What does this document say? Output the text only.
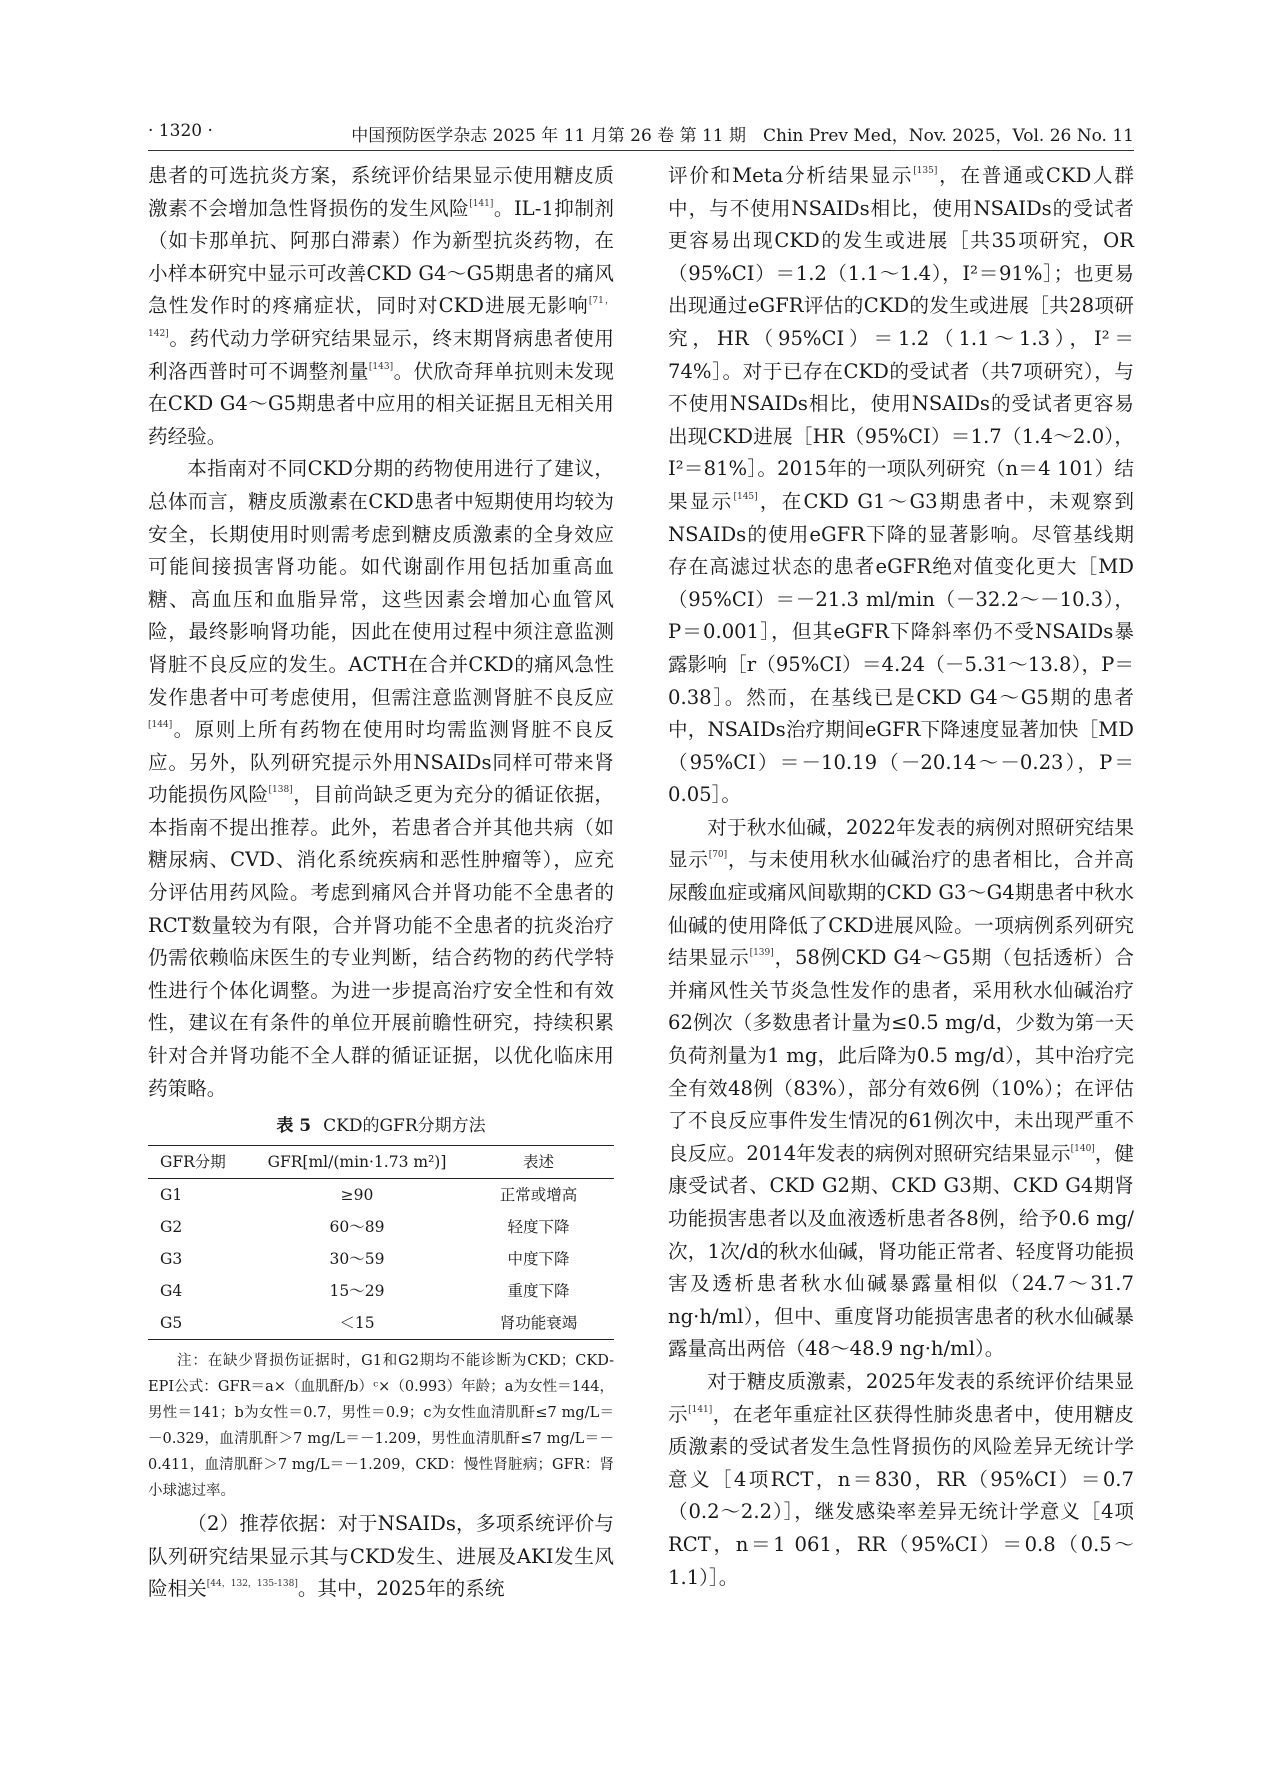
· 1320 ·	中国预防医学杂志 2025 年 11 月第 26 卷 第 11 期　Chin Prev Med，Nov. 2025，Vol. 26 No. 11

患者的可选抗炎方案，系统评价结果显示使用糖皮质激素不会增加急性肾损伤的发生风险[141]。IL-1抑制剂（如卡那单抗、阿那白滞素）作为新型抗炎药物，在小样本研究中显示可改善CKD G4～G5期患者的痛风急性发作时的疼痛症状，同时对CKD进展无影响[71，142]。药代动力学研究结果显示，终末期肾病患者使用利洛西普时可不调整剂量[143]。伏欣奇拜单抗则未发现在CKD G4～G5期患者中应用的相关证据且无相关用药经验。

本指南对不同CKD分期的药物使用进行了建议，总体而言，糖皮质激素在CKD患者中短期使用均较为安全，长期使用时则需考虑到糖皮质激素的全身效应可能间接损害肾功能。如代谢副作用包括加重高血糖、高血压和血脂异常，这些因素会增加心血管风险，最终影响肾功能，因此在使用过程中须注意监测肾脏不良反应的发生。ACTH在合并CKD的痛风急性发作患者中可考虑使用，但需注意监测肾脏不良反应[144]。原则上所有药物在使用时均需监测肾脏不良反应。另外，队列研究提示外用NSAIDs同样可带来肾功能损伤风险[138]，目前尚缺乏更为充分的循证依据，本指南不提出推荐。此外，若患者合并其他共病（如糖尿病、CVD、消化系统疾病和恶性肿瘤等），应充分评估用药风险。考虑到痛风合并肾功能不全患者的RCT数量较为有限，合并肾功能不全患者的抗炎治疗仍需依赖临床医生的专业判断，结合药物的药代学特性进行个体化调整。为进一步提高治疗安全性和有效性，建议在有条件的单位开展前瞻性研究，持续积累针对合并肾功能不全人群的循证证据，以优化临床用药策略。

表 5 CKD的GFR分期方法
GFR分期	GFR[ml/(min·1.73 m²)]	表述
G1	≥90	正常或增高
G2	60～89	轻度下降
G3	30～59	中度下降
G4	15～29	重度下降
G5	＜15	肾功能衰竭
注：在缺少肾损伤证据时，G1和G2期均不能诊断为CKD；CKD-EPI公式：GFR＝a×（血肌酐/b）ᶜ×（0.993）年龄；a为女性＝144，男性＝141；b为女性＝0.7，男性＝0.9；c为女性血清肌酐≤7 mg/L＝－0.329，血清肌酐＞7 mg/L＝－1.209，男性血清肌酐≤7 mg/L＝－0.411，血清肌酐＞7 mg/L＝－1.209，CKD：慢性肾脏病；GFR：肾小球滤过率。

（2）推荐依据：对于NSAIDs，多项系统评价与队列研究结果显示其与CKD发生、进展及AKI发生风险相关[44，132，135-138]。其中，2025年的系统

评价和Meta分析结果显示[135]，在普通或CKD人群中，与不使用NSAIDs相比，使用NSAIDs的受试者更容易出现CKD的发生或进展［共35项研究，OR（95%CI）＝1.2（1.1～1.4），I²＝91%］；也更易出现通过eGFR评估的CKD的发生或进展［共28项研究，HR（95%CI）＝1.2（1.1～1.3），I²＝74%］。对于已存在CKD的受试者（共7项研究），与不使用NSAIDs相比，使用NSAIDs的受试者更容易出现CKD进展［HR（95%CI）＝1.7（1.4～2.0），I²＝81%］。2015年的一项队列研究（n＝4 101）结果显示[145]，在CKD G1～G3期患者中，未观察到NSAIDs的使用eGFR下降的显著影响。尽管基线期存在高滤过状态的患者eGFR绝对值变化更大［MD（95%CI）＝－21.3 ml/min（－32.2～－10.3），P＝0.001］，但其eGFR下降斜率仍不受NSAIDs暴露影响［r（95%CI）＝4.24（－5.31～13.8），P＝0.38］。然而，在基线已是CKD G4～G5期的患者中，NSAIDs治疗期间eGFR下降速度显著加快［MD（95%CI）＝－10.19（－20.14～－0.23），P＝0.05］。

对于秋水仙碱，2022年发表的病例对照研究结果显示[70]，与未使用秋水仙碱治疗的患者相比，合并高尿酸血症或痛风间歇期的CKD G3～G4期患者中秋水仙碱的使用降低了CKD进展风险。一项病例系列研究结果显示[139]，58例CKD G4～G5期（包括透析）合并痛风性关节炎急性发作的患者，采用秋水仙碱治疗62例次（多数患者计量为≤0.5 mg/d，少数为第一天负荷剂量为1 mg，此后降为0.5 mg/d），其中治疗完全有效48例（83%），部分有效6例（10%）；在评估了不良反应事件发生情况的61例次中，未出现严重不良反应。2014年发表的病例对照研究结果显示[140]，健康受试者、CKD G2期、CKD G3期、CKD G4期肾功能损害患者以及血液透析患者各8例，给予0.6 mg/次，1次/d的秋水仙碱，肾功能正常者、轻度肾功能损害及透析患者秋水仙碱暴露量相似（24.7～31.7 ng·h/ml），但中、重度肾功能损害患者的秋水仙碱暴露量高出两倍（48～48.9 ng·h/ml）。

对于糖皮质激素，2025年发表的系统评价结果显示[141]，在老年重症社区获得性肺炎患者中，使用糖皮质激素的受试者发生急性肾损伤的风险差异无统计学意义［4项RCT，n＝830，RR（95%CI）＝0.7（0.2～2.2）］，继发感染率差异无统计学意义［4项RCT，n＝1 061，RR（95%CI）＝0.8（0.5～1.1）］。
